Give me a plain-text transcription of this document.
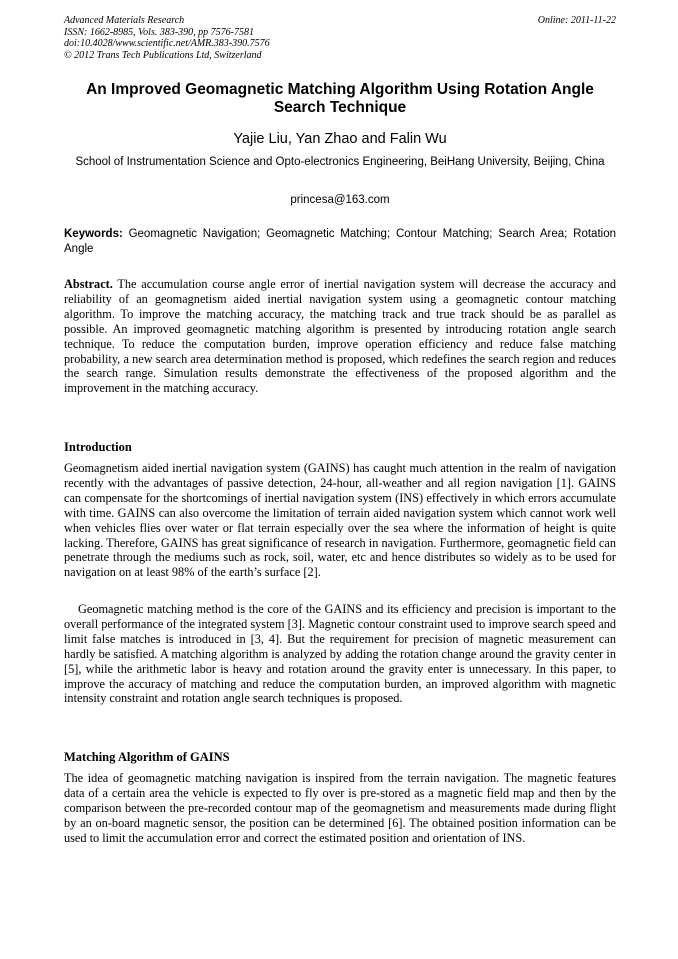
Advanced Materials Research
ISSN: 1662-8985, Vols. 383-390, pp 7576-7581
doi:10.4028/www.scientific.net/AMR.383-390.7576
© 2012 Trans Tech Publications Ltd, Switzerland
Online: 2011-11-22
An Improved Geomagnetic Matching Algorithm Using Rotation Angle Search Technique
Yajie Liu, Yan Zhao and Falin Wu
School of Instrumentation Science and Opto-electronics Engineering, BeiHang University, Beijing, China
princesa@163.com
Keywords: Geomagnetic Navigation; Geomagnetic Matching; Contour Matching; Search Area; Rotation Angle
Abstract. The accumulation course angle error of inertial navigation system will decrease the accuracy and reliability of an geomagnetism aided inertial navigation system using a geomagnetic contour matching algorithm. To improve the matching accuracy, the matching track and true track should be as parallel as possible. An improved geomagnetic matching algorithm is presented by introducing rotation angle search technique. To reduce the computation burden, improve operation efficiency and reduce false matching probability, a new search area determination method is proposed, which redefines the search region and reduces the search range. Simulation results demonstrate the effectiveness of the proposed algorithm and the improvement in the matching accuracy.
Introduction
Geomagnetism aided inertial navigation system (GAINS) has caught much attention in the realm of navigation recently with the advantages of passive detection, 24-hour, all-weather and all region navigation [1]. GAINS can compensate for the shortcomings of inertial navigation system (INS) effectively in which errors accumulate with time. GAINS can also overcome the limitation of terrain aided navigation system which cannot work well when vehicles flies over water or flat terrain especially over the sea where the information of height is quite lacking. Therefore, GAINS has great significance of research in navigation. Furthermore, geomagnetic field can penetrate through the mediums such as rock, soil, water, etc and hence distributes so widely as to be used for navigation on at least 98% of the earth’s surface [2].
Geomagnetic matching method is the core of the GAINS and its efficiency and precision is important to the overall performance of the integrated system [3]. Magnetic contour constraint used to improve search speed and limit false matches is introduced in [3, 4]. But the requirement for precision of magnetic measurement can hardly be satisfied. A matching algorithm is analyzed by adding the rotation change around the gravity center in [5], while the arithmetic labor is heavy and rotation around the gravity enter is unnecessary. In this paper, to improve the accuracy of matching and reduce the computation burden, an improved algorithm with magnetic intensity constraint and rotation angle search techniques is proposed.
Matching Algorithm of GAINS
The idea of geomagnetic matching navigation is inspired from the terrain navigation. The magnetic features data of a certain area the vehicle is expected to fly over is pre-stored as a magnetic field map and then by the comparison between the pre-recorded contour map of the geomagnetism and measurements made during flight by an on-board magnetic sensor, the position can be determined [6]. The obtained position information can be used to limit the accumulation error and correct the estimated position and orientation of INS.
